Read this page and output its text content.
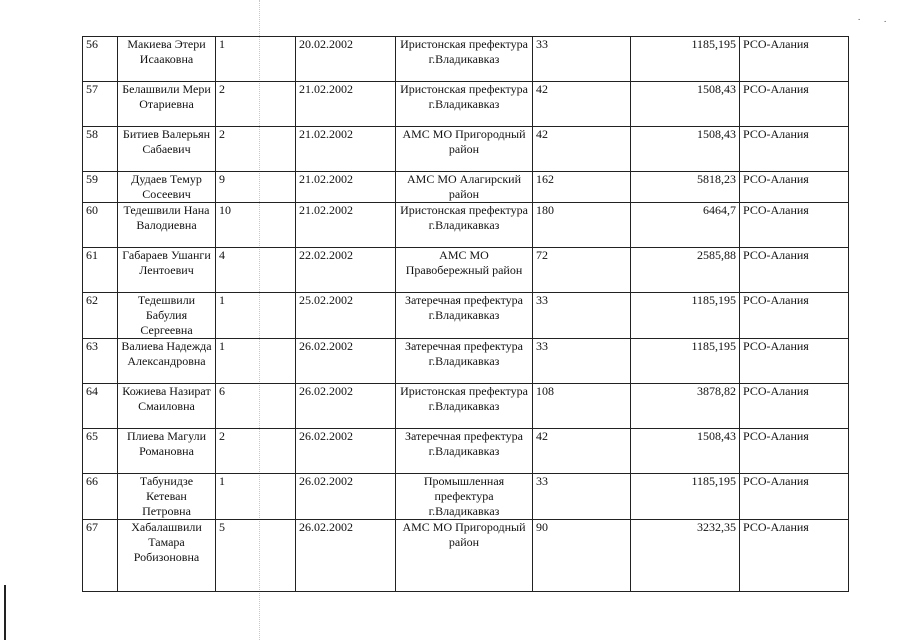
.	.
56	Макиева Этери Исааковна	1	20.02.2002	Иристонская префектура г.Владикавказ	33	1185,195	РСО-Алания
57	Белашвили Мери Отариевна	2	21.02.2002	Иристонская префектура г.Владикавказ	42	1508,43	РСО-Алания
58	Битиев Валерьян Сабаевич	2	21.02.2002	АМС МО Пригородный район	42	1508,43	РСО-Алания
59	Дудаев Темур Сосеевич	9	21.02.2002	АМС МО Алагирский район	162	5818,23	РСО-Алания
60	Тедешвили Нана Валодиевна	10	21.02.2002	Иристонская префектура г.Владикавказ	180	6464,7	РСО-Алания
61	Габараев Ушанги Лентоевич	4	22.02.2002	АМС МО Правобережный район	72	2585,88	РСО-Алания
62	Тедешвили Бабулия Сергеевна	1	25.02.2002	Затеречная префектура г.Владикавказ	33	1185,195	РСО-Алания
63	Валиева Надежда Александровна	1	26.02.2002	Затеречная префектура г.Владикавказ	33	1185,195	РСО-Алания
64	Кожиева Назират Смаиловна	6	26.02.2002	Иристонская префектура г.Владикавказ	108	3878,82	РСО-Алания
65	Плиева Магули Романовна	2	26.02.2002	Затеречная префектура г.Владикавказ	42	1508,43	РСО-Алания
66	Табунидзе Кетеван Петровна	1	26.02.2002	Промышленная префектура г.Владикавказ	33	1185,195	РСО-Алания
67	Хабалашвили Тамара Робизоновна	5	26.02.2002	АМС МО Пригородный район	90	3232,35	РСО-Алания
